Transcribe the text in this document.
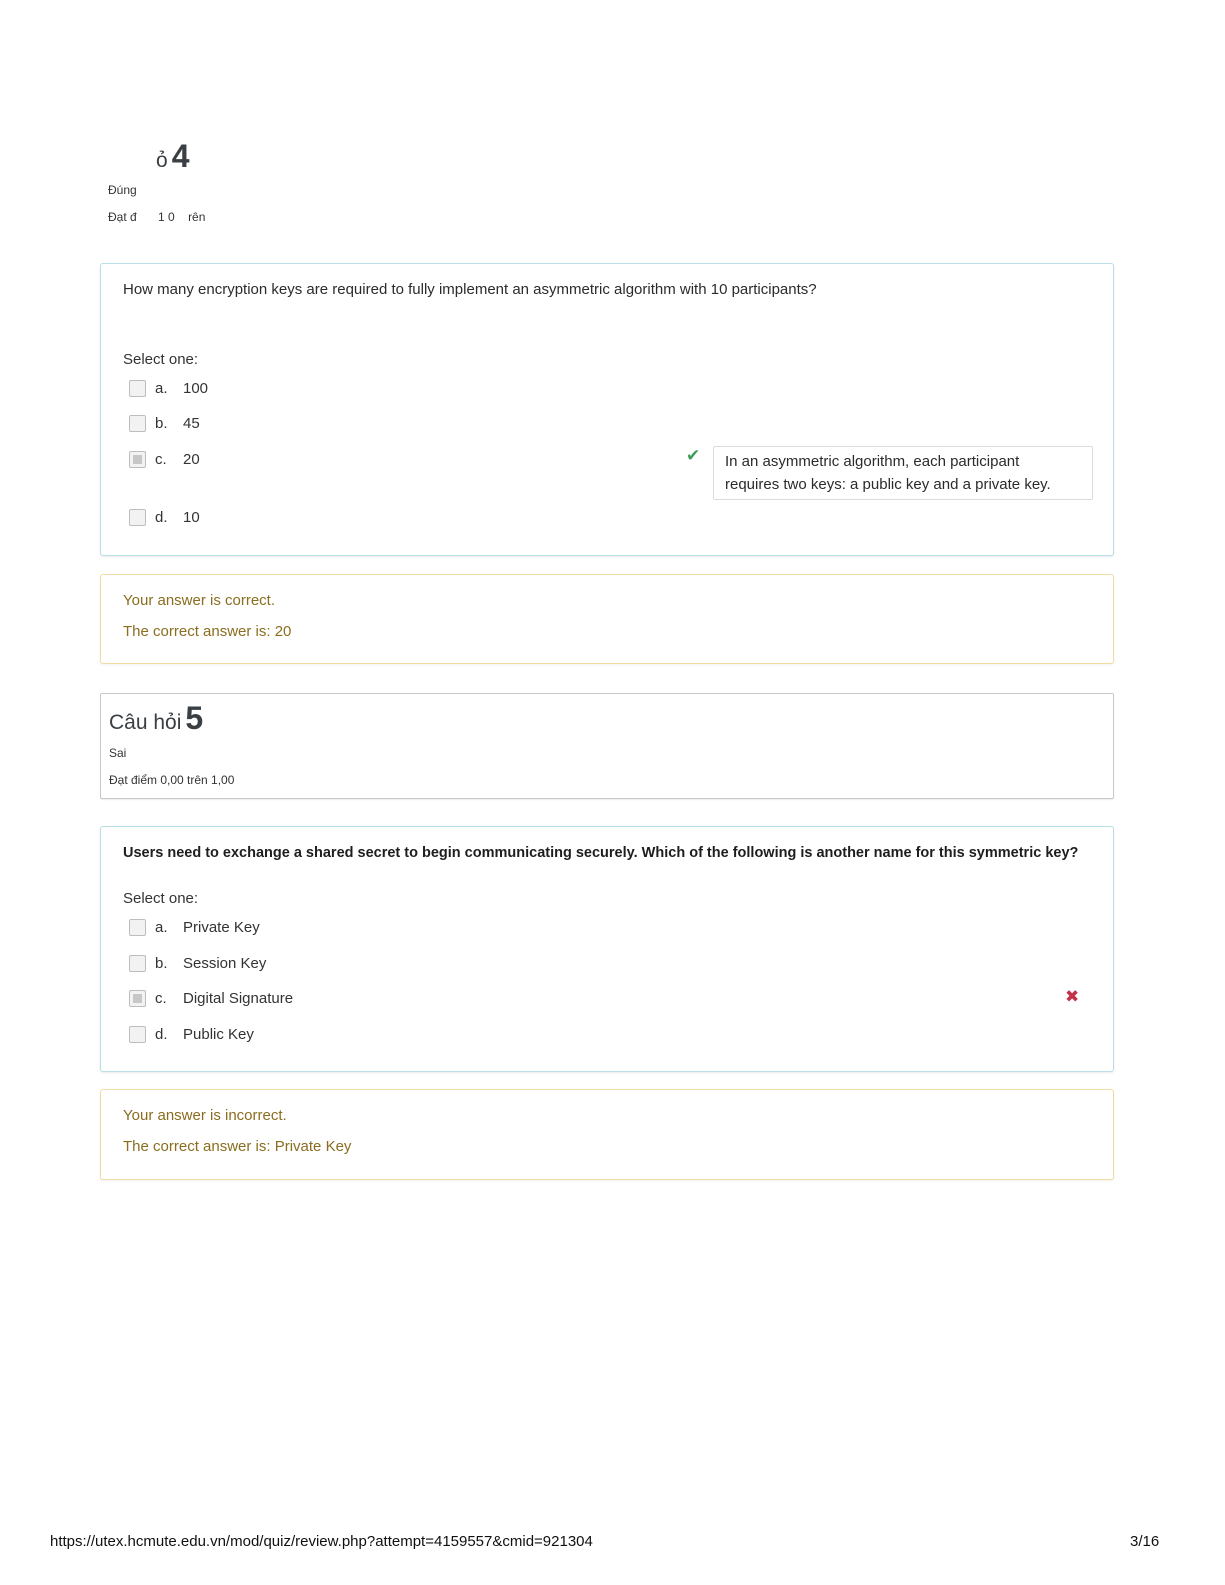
ỏ 4
Đúng
Đạt đ 1 0 rên
How many encryption keys are required to fully implement an asymmetric algorithm with 10 participants?
Select one:
a.	100
b.	45
c.	20	✔ In an asymmetric algorithm, each participant
requires two keys: a public key and a private key.
d.	10

Your answer is correct.

The correct answer is: 20

Câu hỏi 5
Sai
Đạt điểm 0,00 trên 1,00
Users need to exchange a shared secret to begin communicating securely. Which of the following is another name for this symmetric key?
Select one:
a.	Private Key
b.	Session Key
c.	Digital Signature	✖
d.	Public Key

Your answer is incorrect.

The correct answer is: Private Key

https://utex.hcmute.edu.vn/mod/quiz/review.php?attempt=4159557&cmid=921304	3/16
